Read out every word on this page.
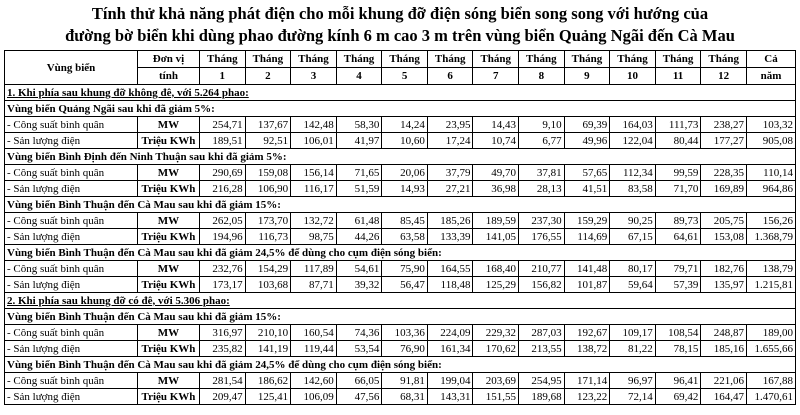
Tính thử khả năng phát điện cho mỗi khung đỡ điện sóng biển song song với hướng của
đường bờ biển khi dùng phao đường kính 6 m cao 3 m trên vùng biển Quảng Ngãi đến Cà Mau
Vùng biển	Đơn vị	Tháng	Tháng	Tháng	Tháng	Tháng	Tháng	Tháng	Tháng	Tháng	Tháng	Tháng	Tháng	Cả
	tính	1	2	3	4	5	6	7	8	9	10	11	12	năm
1. Khi phía sau khung đỡ không đê, với 5.264 phao:														
Vùng biển Quảng Ngãi sau khi đã giảm 5%:														
- Công suất bình quân	MW	254,71	137,67	142,48	58,30	14,24	23,95	14,43	9,10	69,39	164,03	111,73	238,27	103,32
- Sản lượng điện	Triệu KWh	189,51	92,51	106,01	41,97	10,60	17,24	10,74	6,77	49,96	122,04	80,44	177,27	905,08
Vùng biển Bình Định đến Ninh Thuận sau khi đã giảm 5%:														
- Công suất bình quân	MW	290,69	159,08	156,14	71,65	20,06	37,79	49,70	37,81	57,65	112,34	99,59	228,35	110,14
- Sản lượng điện	Triệu KWh	216,28	106,90	116,17	51,59	14,93	27,21	36,98	28,13	41,51	83,58	71,70	169,89	964,86
Vùng biển Bình Thuận đến Cà Mau sau khi đã giảm 15%:														
- Công suất bình quân	MW	262,05	173,70	132,72	61,48	85,45	185,26	189,59	237,30	159,29	90,25	89,73	205,75	156,26
- Sản lượng điện	Triệu KWh	194,96	116,73	98,75	44,26	63,58	133,39	141,05	176,55	114,69	67,15	64,61	153,08	1.368,79
Vùng biển Bình Thuận đến Cà Mau sau khi đã giảm 24,5% để dùng cho cụm điện sóng biển:														
- Công suất bình quân	MW	232,76	154,29	117,89	54,61	75,90	164,55	168,40	210,77	141,48	80,17	79,71	182,76	138,79
- Sản lượng điện	Triệu KWh	173,17	103,68	87,71	39,32	56,47	118,48	125,29	156,82	101,87	59,64	57,39	135,97	1.215,81
2. Khi phía sau khung đỡ có đê, với 5.306 phao:														
Vùng biển Bình Thuận đến Cà Mau sau khi đã giảm 15%:														
- Công suất bình quân	MW	316,97	210,10	160,54	74,36	103,36	224,09	229,32	287,03	192,67	109,17	108,54	248,87	189,00
- Sản lượng điện	Triệu KWh	235,82	141,19	119,44	53,54	76,90	161,34	170,62	213,55	138,72	81,22	78,15	185,16	1.655,66
Vùng biển Bình Thuận đến Cà Mau sau khi đã giảm 24,5% để dùng cho cụm điện sóng biển:														
- Công suất bình quân	MW	281,54	186,62	142,60	66,05	91,81	199,04	203,69	254,95	171,14	96,97	96,41	221,06	167,88
- Sản lượng điện	Triệu KWh	209,47	125,41	106,09	47,56	68,31	143,31	151,55	189,68	123,22	72,14	69,42	164,47	1.470,61
